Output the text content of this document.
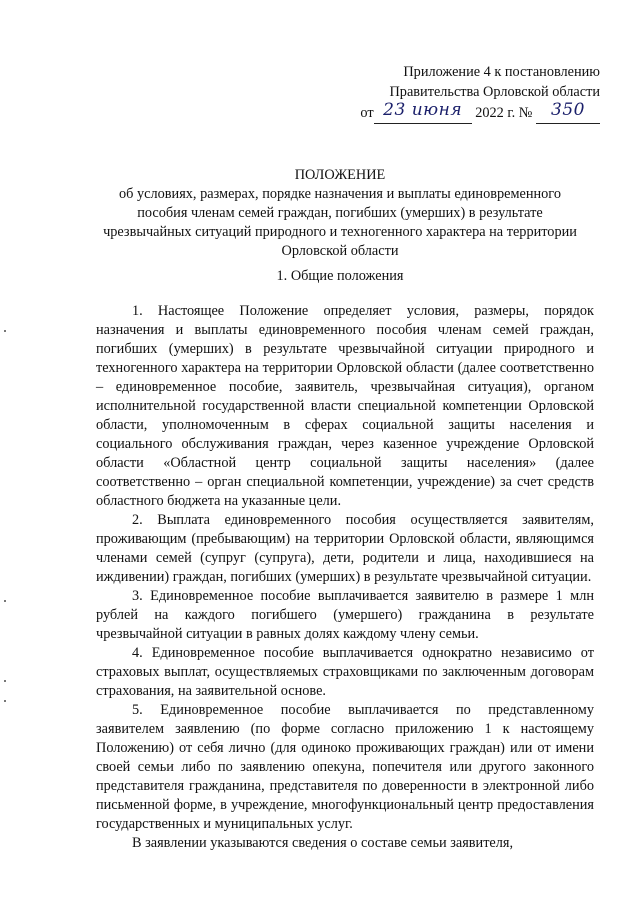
Приложение 4 к постановлению
Правительства Орловской области
от 23 июня 2022 г. № 350
ПОЛОЖЕНИЕ
об условиях, размерах, порядке назначения и выплаты единовременного
пособия членам семей граждан, погибших (умерших) в результате
чрезвычайных ситуаций природного и техногенного характера на территории
Орловской области
1. Общие положения

1. Настоящее Положение определяет условия, размеры, порядок назначения и выплаты единовременного пособия членам семей граждан, погибших (умерших) в результате чрезвычайной ситуации природного и техногенного характера на территории Орловской области (далее соответственно – единовременное пособие, заявитель, чрезвычайная ситуация), органом исполнительной государственной власти специальной компетенции Орловской области, уполномоченным в сферах социальной защиты населения и социального обслуживания граждан, через казенное учреждение Орловской области «Областной центр социальной защиты населения» (далее соответственно – орган специальной компетенции, учреждение) за счет средств областного бюджета на указанные цели.

2. Выплата единовременного пособия осуществляется заявителям, проживающим (пребывающим) на территории Орловской области, являющимся членами семей (супруг (супруга), дети, родители и лица, находившиеся на иждивении) граждан, погибших (умерших) в результате чрезвычайной ситуации.

3. Единовременное пособие выплачивается заявителю в размере 1 млн рублей на каждого погибшего (умершего) гражданина в результате чрезвычайной ситуации в равных долях каждому члену семьи.

4. Единовременное пособие выплачивается однократно независимо от страховых выплат, осуществляемых страховщиками по заключенным договорам страхования, на заявительной основе.

5. Единовременное пособие выплачивается по представленному заявителем заявлению (по форме согласно приложению 1 к настоящему Положению) от себя лично (для одиноко проживающих граждан) или от имени своей семьи либо по заявлению опекуна, попечителя или другого законного представителя гражданина, представителя по доверенности в электронной либо письменной форме, в учреждение, многофункциональный центр предоставления государственных и муниципальных услуг.

В заявлении указываются сведения о составе семьи заявителя,
